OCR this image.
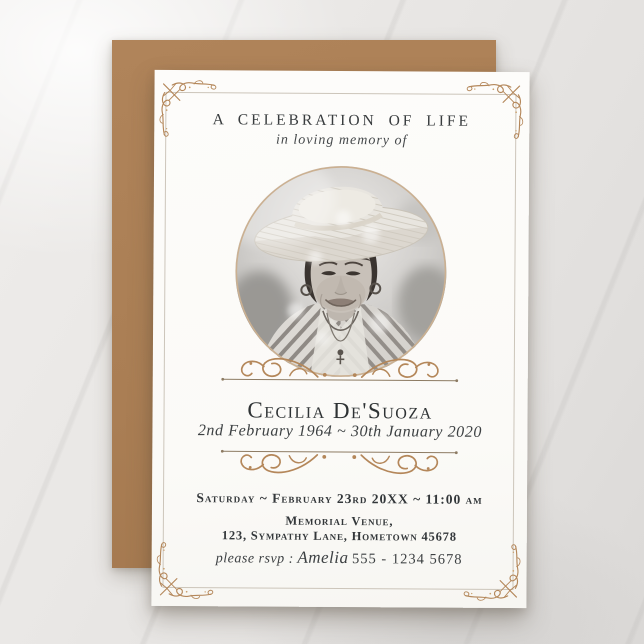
A CELEBRATION OF LIFE
in loving memory of
Cecilia De'Suoza
2nd February 1964 ~ 30th January 2020
Saturday ~ February 23rd 20XX ~ 11:00 am
Memorial Venue,
123, Sympathy Lane, Hometown 45678
please rsvp : Amelia 555 - 1234 5678
